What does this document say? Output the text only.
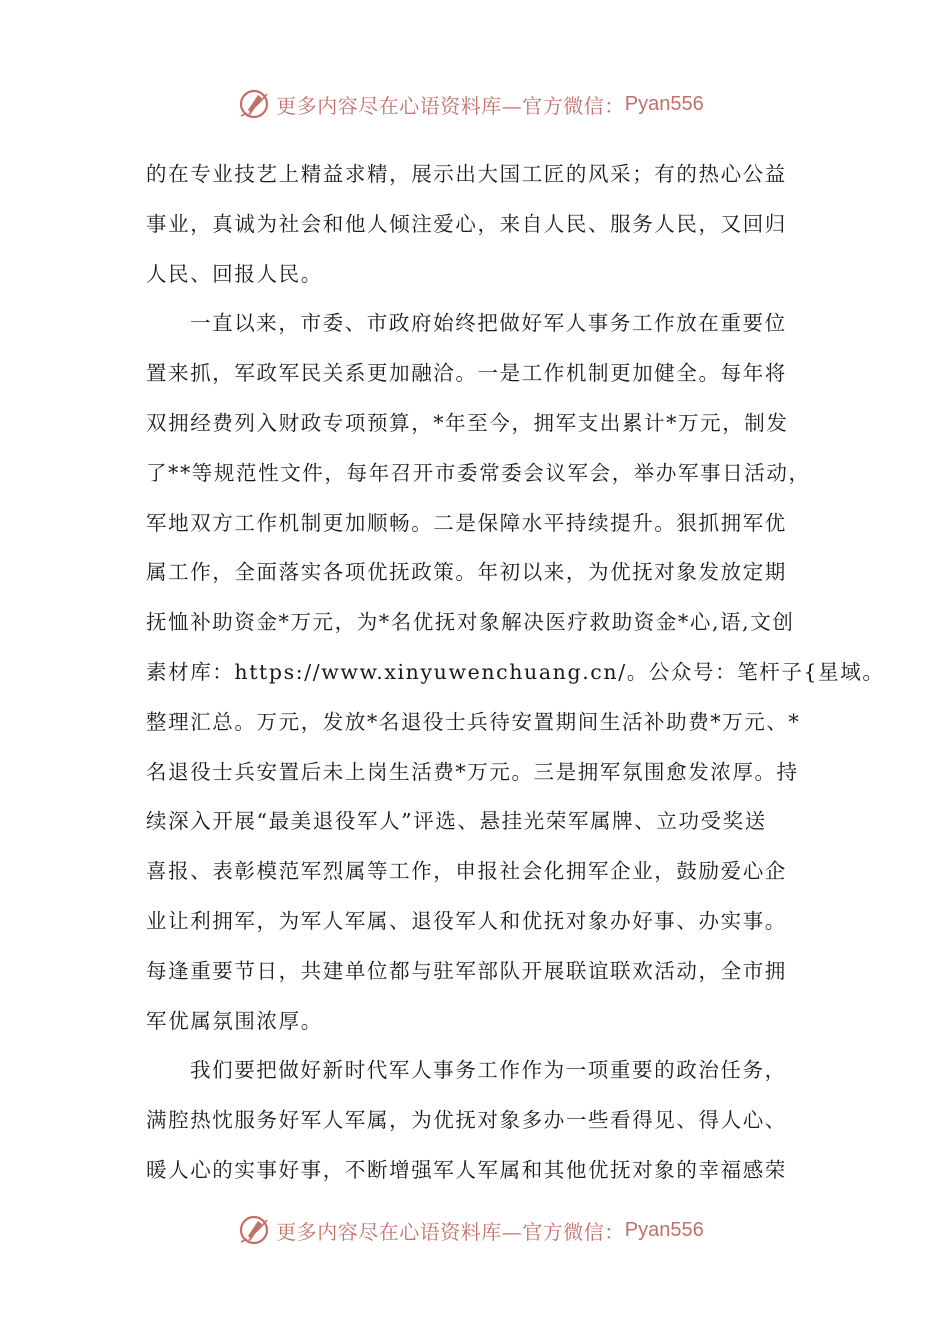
更多内容尽在心语资料库—官方微信： Pyan556
的在专业技艺上精益求精，展示出大国工匠的风采；有的热心公益
事业，真诚为社会和他人倾注爱心，来自人民、服务人民，又回归
人民、回报人民。
一直以来，市委、市政府始终把做好军人事务工作放在重要位
置来抓，军政军民关系更加融洽。一是工作机制更加健全。每年将
双拥经费列入财政专项预算，*年至今，拥军支出累计*万元，制发
了**等规范性文件，每年召开市委常委会议军会，举办军事日活动，
军地双方工作机制更加顺畅。二是保障水平持续提升。狠抓拥军优
属工作，全面落实各项优抚政策。年初以来，为优抚对象发放定期
抚恤补助资金*万元，为*名优抚对象解决医疗救助资金*心,语,文创
素材库：https://www.xinyuwenchuang.cn/。公众号：笔杆子{星域。
整理汇总。万元，发放*名退役士兵待安置期间生活补助费*万元、*
名退役士兵安置后未上岗生活费*万元。三是拥军氛围愈发浓厚。持
续深入开展“最美退役军人”评选、悬挂光荣军属牌、立功受奖送
喜报、表彰模范军烈属等工作，申报社会化拥军企业，鼓励爱心企
业让利拥军，为军人军属、退役军人和优抚对象办好事、办实事。
每逢重要节日，共建单位都与驻军部队开展联谊联欢活动，全市拥
军优属氛围浓厚。
我们要把做好新时代军人事务工作作为一项重要的政治任务，
满腔热忱服务好军人军属，为优抚对象多办一些看得见、得人心、
暖人心的实事好事，不断增强军人军属和其他优抚对象的幸福感荣
更多内容尽在心语资料库—官方微信： Pyan556
